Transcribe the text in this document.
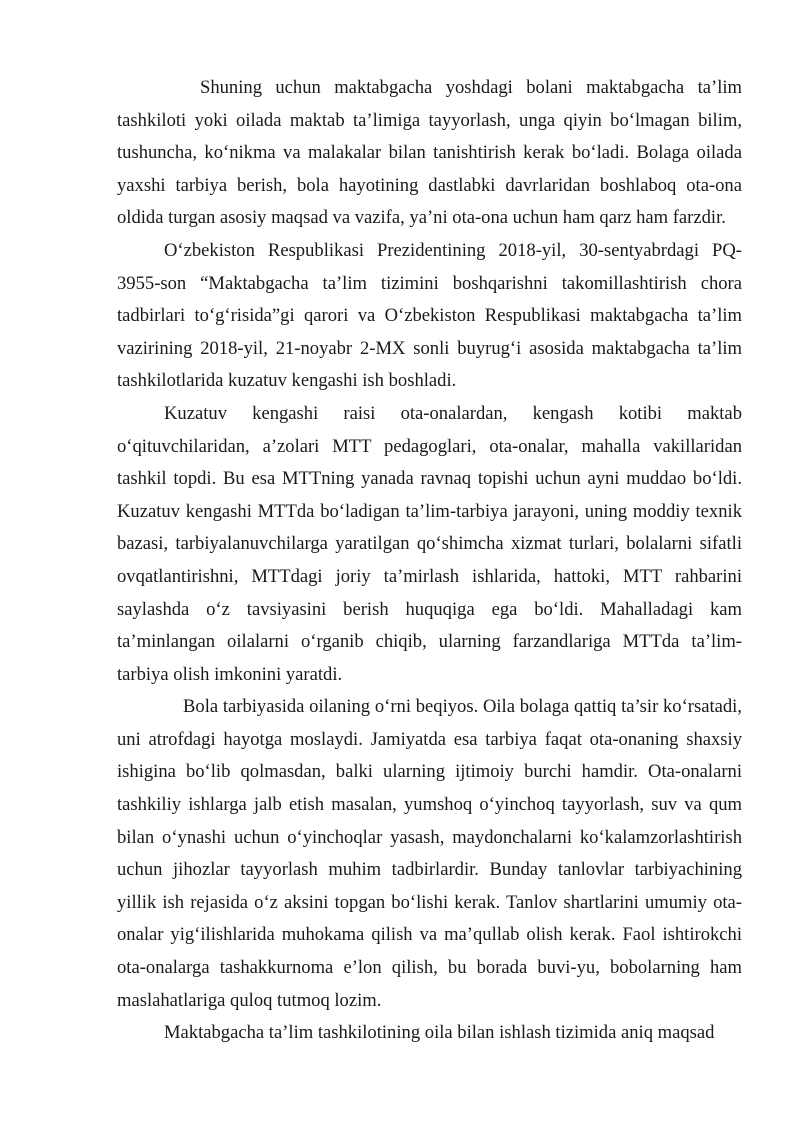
Shuning uchun maktabgacha yoshdagi bolani maktabgacha ta’lim tashkiloti yoki oilada maktab ta’limiga tayyorlash, unga qiyin bo‘lmagan bilim, tushuncha, ko‘nikma va malakalar bilan tanishtirish kerak bo‘ladi. Bolaga oilada yaxshi tarbiya berish, bola hayotining dastlabki davrlaridan boshlaboq ota-ona oldida turgan asosiy maqsad va vazifa, ya’ni ota-ona uchun ham qarz ham farzdir.

O‘zbekiston Respublikasi Prezidentining 2018-yil, 30-sentyabrdagi PQ-3955-son “Maktabgacha ta’lim tizimini boshqarishni takomillashtirish chora tadbirlari to‘g‘risida”gi qarori va O‘zbekiston Respublikasi maktabgacha ta’lim vazirining 2018-yil, 21-noyabr 2-MX sonli buyrug‘i asosida maktabgacha ta’lim tashkilotlarida kuzatuv kengashi ish boshladi.

Kuzatuv kengashi raisi ota-onalardan, kengash kotibi maktab o‘qituvchilaridan, a’zolari MTT pedagoglari, ota-onalar, mahalla vakillaridan tashkil topdi. Bu esa MTTning yanada ravnaq topishi uchun ayni muddao bo‘ldi. Kuzatuv kengashi MTTda bo‘ladigan ta’lim-tarbiya jarayoni, uning moddiy texnik bazasi, tarbiyalanuvchilarga yaratilgan qo‘shimcha xizmat turlari, bolalarni sifatli ovqatlantirishni, MTTdagi joriy ta’mirlash ishlarida, hattoki, MTT rahbarini saylashda o‘z tavsiyasini berish huquqiga ega bo‘ldi. Mahalladagi kam ta’minlangan oilalarni o‘rganib chiqib, ularning farzandlariga MTTda ta’lim-tarbiya olish imkonini yaratdi.

Bola tarbiyasida oilaning o‘rni beqiyos. Oila bolaga qattiq ta’sir ko‘rsatadi, uni atrofdagi hayotga moslaydi. Jamiyatda esa tarbiya faqat ota-onaning shaxsiy ishigina bo‘lib qolmasdan, balki ularning ijtimoiy burchi hamdir. Ota-onalarni tashkiliy ishlarga jalb etish masalan, yumshoq o‘yinchoq tayyorlash, suv va qum bilan o‘ynashi uchun o‘yinchoqlar yasash, maydonchalarni ko‘kalamzorlashtirish uchun jihozlar tayyorlash muhim tadbirlardir. Bunday tanlovlar tarbiyachining yillik ish rejasida o‘z aksini topgan bo‘lishi kerak. Tanlov shartlarini umumiy ota-onalar yig‘ilishlarida muhokama qilish va ma’qullab olish kerak. Faol ishtirokchi ota-onalarga tashakkurnoma e’lon qilish, bu borada buvi-yu, bobolarning ham maslahatlariga quloq tutmoq lozim.

Maktabgacha ta’lim tashkilotining oila bilan ishlash tizimida aniq maqsad
